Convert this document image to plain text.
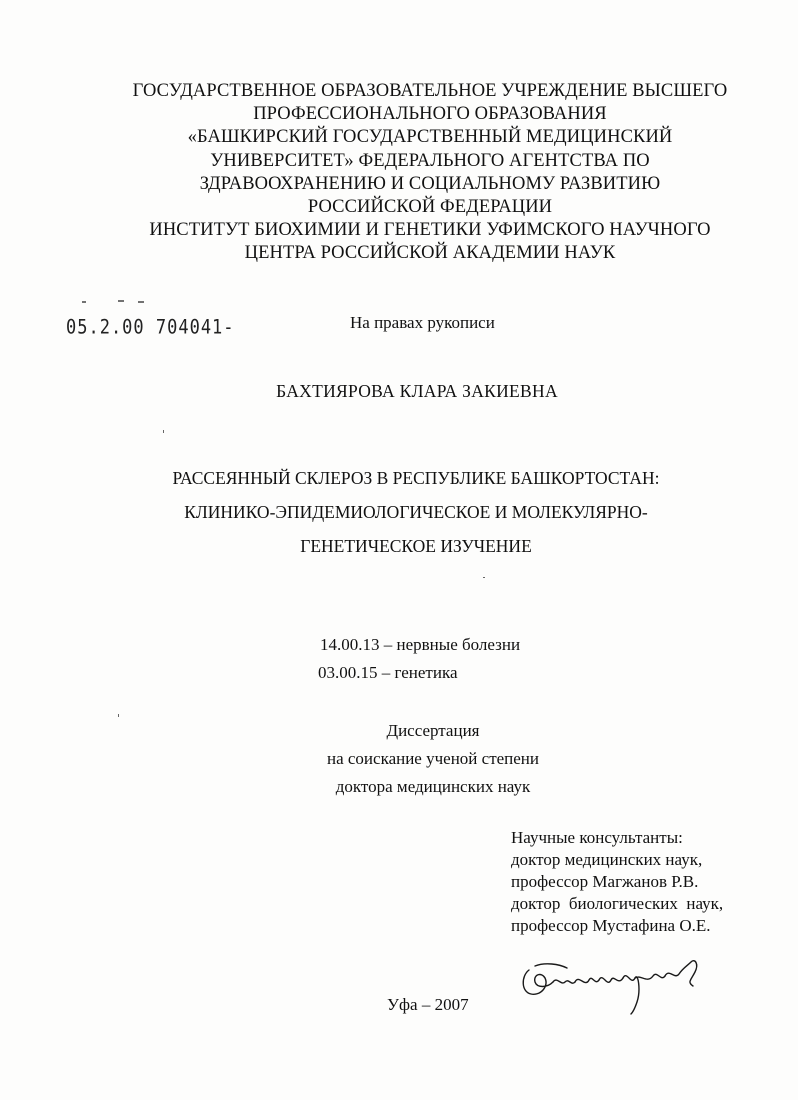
ГОСУДАРСТВЕННОЕ ОБРАЗОВАТЕЛЬНОЕ УЧРЕЖДЕНИЕ ВЫСШЕГО
ПРОФЕССИОНАЛЬНОГО ОБРАЗОВАНИЯ
«БАШКИРСКИЙ ГОСУДАРСТВЕННЫЙ МЕДИЦИНСКИЙ
УНИВЕРСИТЕТ» ФЕДЕРАЛЬНОГО АГЕНТСТВА ПО
ЗДРАВООХРАНЕНИЮ И СОЦИАЛЬНОМУ РАЗВИТИЮ
РОССИЙСКОЙ ФЕДЕРАЦИИ
ИНСТИТУТ БИОХИМИИ И ГЕНЕТИКИ УФИМСКОГО НАУЧНОГО
ЦЕНТРА РОССИЙСКОЙ АКАДЕМИИ НАУК
05.2.00 704041-	На правах рукописи
БАХТИЯРОВА КЛАРА ЗАКИЕВНА
РАССЕЯННЫЙ СКЛЕРОЗ В РЕСПУБЛИКЕ БАШКОРТОСТАН:
КЛИНИКО-ЭПИДЕМИОЛОГИЧЕСКОЕ И МОЛЕКУЛЯРНО-
ГЕНЕТИЧЕСКОЕ ИЗУЧЕНИЕ
14.00.13 – нервные болезни
03.00.15 – генетика
Диссертация
на соискание ученой степени
доктора медицинских наук
Научные консультанты:
доктор медицинских наук,
профессор Магжанов Р.В.
доктор  биологических  наук,
профессор Мустафина О.Е.
Уфа – 2007
